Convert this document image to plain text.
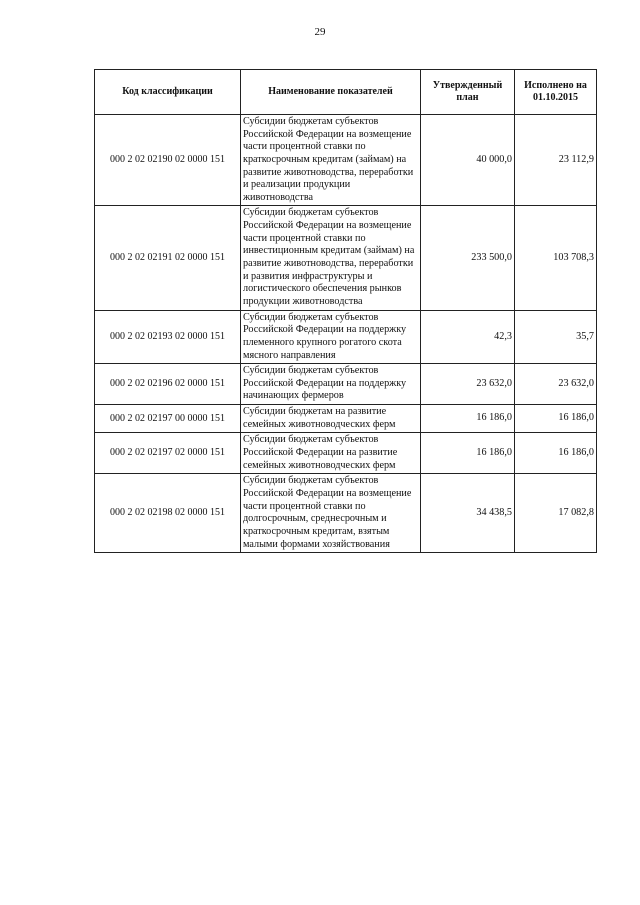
29
Код классификации	Наименование показателей	Утвержденный план	Исполнено на 01.10.2015
000 2 02 02190 02 0000 151	Субсидии бюджетам субъектов Российской Федерации на возмещение части процентной ставки по краткосрочным кредитам (займам) на развитие животноводства, переработки и реализации продукции животноводства	40 000,0	23 112,9
000 2 02 02191 02 0000 151	Субсидии бюджетам субъектов Российской Федерации на возмещение части процентной ставки по инвестиционным кредитам (займам) на развитие животноводства, переработки и развития инфраструктуры и логистического обеспечения рынков продукции животноводства	233 500,0	103 708,3
000 2 02 02193 02 0000 151	Субсидии бюджетам субъектов Российской Федерации на поддержку племенного крупного рогатого скота мясного направления	42,3	35,7
000 2 02 02196 02 0000 151	Субсидии бюджетам субъектов Российской Федерации на поддержку начинающих фермеров	23 632,0	23 632,0
000 2 02 02197 00 0000 151	Субсидии бюджетам на развитие семейных животноводческих ферм	16 186,0	16 186,0
000 2 02 02197 02 0000 151	Субсидии бюджетам субъектов Российской Федерации на развитие семейных животноводческих ферм	16 186,0	16 186,0
000 2 02 02198 02 0000 151	Субсидии бюджетам субъектов Российской Федерации на возмещение части процентной ставки по долгосрочным, среднесрочным и краткосрочным кредитам, взятым малыми формами хозяйствования	34 438,5	17 082,8
